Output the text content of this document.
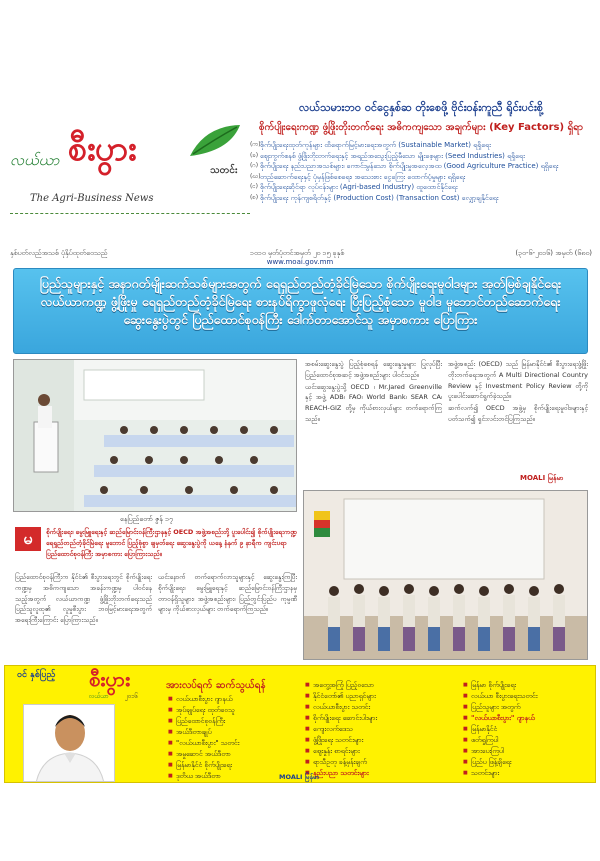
လယ်ယာ စီးပွား
သတင်း
The Agri-Business News
လယ်သမားဘဝ ဝင်ငွေနှစ်ဆ တိုးစေဖို့ ဗိုင်းဝန်းကူညီ ရိုင်းပင်းစို့
စိုက်ပျိုးရေးကဏ္ဍ ဖွံ့ဖြိုးတိုးတက်ရေး အဓိကကျသော အချက်များ (Key Factors) ရှိရာ
(က) စိုက်ပျိုးရေးထုတ်ကုန်များ ထိရောက်မြင့်မားရေးအတွက် (Sustainable Market) ရရှိရေး
(ခ) ဈေးကွက်စနစ် ဖွံ့ဖြိုးတိုးတက်ရေးနှင့် အရည်အသွေးပြည့်မီသော မျိုးစေ့များ (Seed Industries) ရရှိရေး
(ဂ) စိုက်ပျိုးရေး နည်းပညာအသစ်များ၊ ကောင်းမွန်သော စိုက်ပျိုးမှုအလေ့အထ (Good Agriculture Practice) ရရှိရေး
(ဃ) တည်ဆောက်ရေးနှင့် ပုံမှန်ဖြစ်စေရေး၊ အသေးစား ငွေကြေး ထောက်ပံ့မှုများ ရရှိရေး
(င) စိုက်ပျိုးရေးဆိုင်ရာ လုပ်ငန်းများ (Agri-based Industry) ထူထောင်နိုင်ရေး
(စ) စိုက်ပျိုးရေး ကုန်ကျစရိတ်နှင့် (Production Cost) (Transaction Cost) လျှော့ချနိုင်ရေး
နှစ်ပတ်လည်အသစ် ပုံနှိပ်ထုတ်ဝေသည်	၁၀၁၀ မှတ်ပုံတင်အမှတ် ၂၀ ၁၅ ခုနှစ်	(၃၀-၆-၂၀၁၆) အမှတ် (၆၈၀)
www.moai.gov.mm
ပြည်သူများနှင့် အနာဂတ်မျိုးဆက်သစ်များအတွက် ရေရှည်တည်တံ့ခိုင်မြဲသော စိုက်ပျိုးရေးမူဝါဒများ အုတ်မြစ်ချနိုင်ရေး
လယ်ယာကဏ္ဍ ဖွံ့ဖြိုးမှု ရေရှည်တည်တံ့ခိုင်မြဲရေး စားနပ်ရိက္ခာဖူလုံရေး ပြီးပြည့်စုံသော မူဝါဒ မူဘောင်တည်ဆောက်ရေး
ဆွေးနွေးပွဲတွင် ပြည်ထောင်စုဝန်ကြီး ဒေါက်တာအောင်သူ အမှာစကား ပြောကြား
နေပြည်တော် ဇွန် ၁၇
မ	စိုက်ပျိုးရေး၊ မွေးမြူရေးနှင့် ဆည်မြောင်းဝန်ကြီးဌာနနှင့် OECD အဖွဲ့အစည်းတို့ ပူးပေါင်း၍ စိုက်ပျိုးရေးကဏ္ဍ ရေရှည်တည်တံ့ခိုင်မြဲရေး မူဘောင် ပြည့်စုံစွာ ချမှတ်ရေး ဆွေးနွေးပွဲကို ယနေ့ နံနက် ၉ နာရီက ကျင်းပရာ ပြည်ထောင်စုဝန်ကြီး အမှာစကား ပြောကြားသည်။

ပြည်ထောင်စုဝန်ကြီးက နိုင်ငံ၏ စီးပွားရေးတွင် စိုက်ပျိုးရေးကဏ္ဍမှ အဓိကကျသော အခန်းကဏ္ဍမှ ပါဝင်နေသည့်အတွက် လယ်ယာကဏ္ဍ ဖွံ့ဖြိုးတိုးတက်ရေးသည် ပြည်သူလူထု၏ လူမှုစီးပွား ဘဝမြင့်မားရေးအတွက် အရေးကြီးကြောင်း ပြောကြားသည်။

ယင်းနောက် တက်ရောက်လာသူများနှင့် ဆွေးနွေးကြပြီး စိုက်ပျိုးရေး၊ မွေးမြူရေးနှင့် ဆည်မြောင်းဝန်ကြီးဌာနမှ တာဝန်ရှိသူများ၊ အဖွဲ့အစည်းများ၊ ပြည်တွင်းပြည်ပ ကုမ္ပဏီများမှ ကိုယ်စားလှယ်များ တက်ရောက်ကြသည်။

အစမ်းဆွေးနွေးပွဲ ပြည့်စုံစေရန် ဆွေးနွေးမှုများ ပြုလုပ်ပြီး ပြည်ထောင်စုအဆင့် အဖွဲ့အစည်းများ ပါဝင်သည်။

ယင်းဆွေးနွေးပွဲသို့ OECD ၊ Mr.Jared Greenville နှင့် အဖွဲ့ ADB၊ FAO၊ World Bank၊ SEAR CA၊ REACH-GIZ တို့မှ ကိုယ်စားလှယ်များ တက်ရောက်ကြသည်။

အဖွဲ့အစည်း (OECD) သည် မြန်မာနိုင်ငံ၏ စီးပွားရေးဖွံ့ဖြိုးတိုးတက်ရေးအတွက် A Multi Directional Country Review နှင့် Investment Policy Review တို့ကို ပူးပေါင်းဆောင်ရွက်ခဲ့သည်။

ဆက်လက်၍ OECD အဖွဲ့မှ စိုက်ပျိုးရေးမူဝါဒများနှင့် ပတ်သက်၍ ရှင်းလင်းတင်ပြကြသည်။

MOALI မြန်မာ
ဝင် နှစ်ပြည့် စီးပွား
လယ်ယာ	၂၀၁၆
အားလပ်ရက် ဆက်သွယ်ရန်
■ လယ်ယာစီးပွား ဂျာနယ်
■ အုပ်ချုပ်ရေး ထုတ်ဝေသူ
■ ပြည်ထောင်စုဝန်ကြီး
■ အယ်ဒီတာချုပ်
■ "လယ်ယာစီးပွား" သတင်း
■ အမှုဆောင် အယ်ဒီတာ
■ မြန်မာနိုင်ငံ စိုက်ပျိုးရေး
■ ဒုတိယ အယ်ဒီတာ
■ အတွေ့အကြုံ ပြည့်ဝသော
■ နိုင်ငံတော်၏ ပညာရှင်များ
■ လယ်ယာစီးပွား သတင်း
■ စိုက်ပျိုးရေး ဆောင်းပါးများ
■ ကျေးလက်ဒေသ
■ ဖွံ့ဖြိုးရေး သတင်းများ
■ ဈေးနှုန်း စာရင်းများ
■ ရာသီဥတု ခန့်မှန်းချက်
■ နည်းပညာ သတင်းများ
■ မြန်မာ စိုက်ပျိုးရေး
■ လယ်ယာ စီးပွားရေးသတင်း
■ ပြည်သူများ အတွက်
■ "လယ်ယာစီးပွား" ဂျာနယ်
■ မြန်မာနိုင်ငံ
■ ဖတ်ရှုကြပါ
■ အားပေးကြပါ
■ ပြည်ပ ဖြန့်ချိရေး
■ သတင်းများ
MOALI မြန်မာ
